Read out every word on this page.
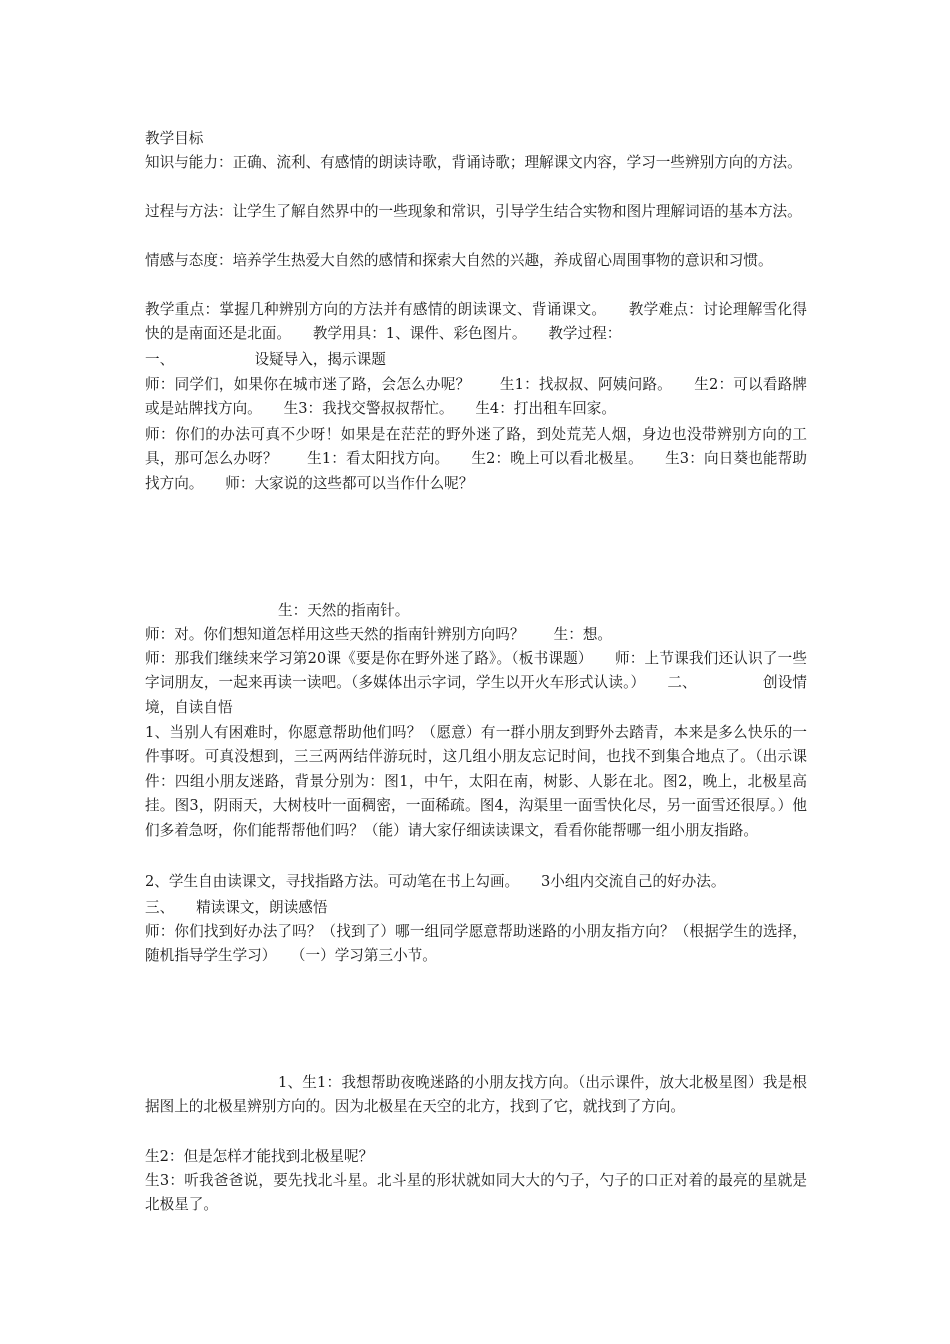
教学目标
知识与能力：正确、流利、有感情的朗读诗歌，背诵诗歌；理解课文内容，学习一些辨别方向的方法。
过程与方法：让学生了解自然界中的一些现象和常识，引导学生结合实物和图片理解词语的基本方法。
情感与态度：培养学生热爱大自然的感情和探索大自然的兴趣，养成留心周围事物的意识和习惯。
教学重点：掌握几种辨别方向的方法并有感情的朗读课文、背诵课文。　　教学难点：讨论理解雪化得快的是南面还是北面。　　教学用具：1、课件、彩色图片。　　教学过程：
一、　　　　　　设疑导入，揭示课题
师：同学们，如果你在城市迷了路，会怎么办呢？　　生1：找叔叔、阿姨问路。　　生2：可以看路牌或是站牌找方向。　　生3：我找交警叔叔帮忙。　　生4：打出租车回家。
师：你们的办法可真不少呀！如果是在茫茫的野外迷了路，到处荒芜人烟，身边也没带辨别方向的工具，那可怎么办呀？　　生1：看太阳找方向。　　生2：晚上可以看北极星。　　生3：向日葵也能帮助找方向。　　师：大家说的这些都可以当作什么呢？
生：天然的指南针。
师：对。你们想知道怎样用这些天然的指南针辨别方向吗？　　生：想。
师：那我们继续来学习第20课《要是你在野外迷了路》。（板书课题）　　师：上节课我们还认识了一些字词朋友，一起来再读一读吧。（多媒体出示字词，学生以开火车形式认读。）　　二、　　　　　创设情境，自读自悟
1、当别人有困难时，你愿意帮助他们吗？（愿意）有一群小朋友到野外去踏青，本来是多么快乐的一件事呀。可真没想到，三三两两结伴游玩时，这几组小朋友忘记时间，也找不到集合地点了。（出示课件：四组小朋友迷路，背景分别为：图1，中午，太阳在南，树影、人影在北。图2，晚上，北极星高挂。图3，阴雨天，大树枝叶一面稠密，一面稀疏。图4，沟渠里一面雪快化尽，另一面雪还很厚。）他们多着急呀，你们能帮帮他们吗？（能）请大家仔细读读课文，看看你能帮哪一组小朋友指路。
2、学生自由读课文，寻找指路方法。可动笔在书上勾画。　　3小组内交流自己的好办法。
三、　　精读课文，朗读感悟
师：你们找到好办法了吗？（找到了）哪一组同学愿意帮助迷路的小朋友指方向？（根据学生的选择，随机指导学生学习）　　（一）学习第三小节。
1、生1：我想帮助夜晚迷路的小朋友找方向。（出示课件，放大北极星图）我是根据图上的北极星辨别方向的。因为北极星在天空的北方，找到了它，就找到了方向。
生2：但是怎样才能找到北极星呢？
生3：听我爸爸说，要先找北斗星。北斗星的形状就如同大大的勺子，勺子的口正对着的最亮的星就是北极星了。
